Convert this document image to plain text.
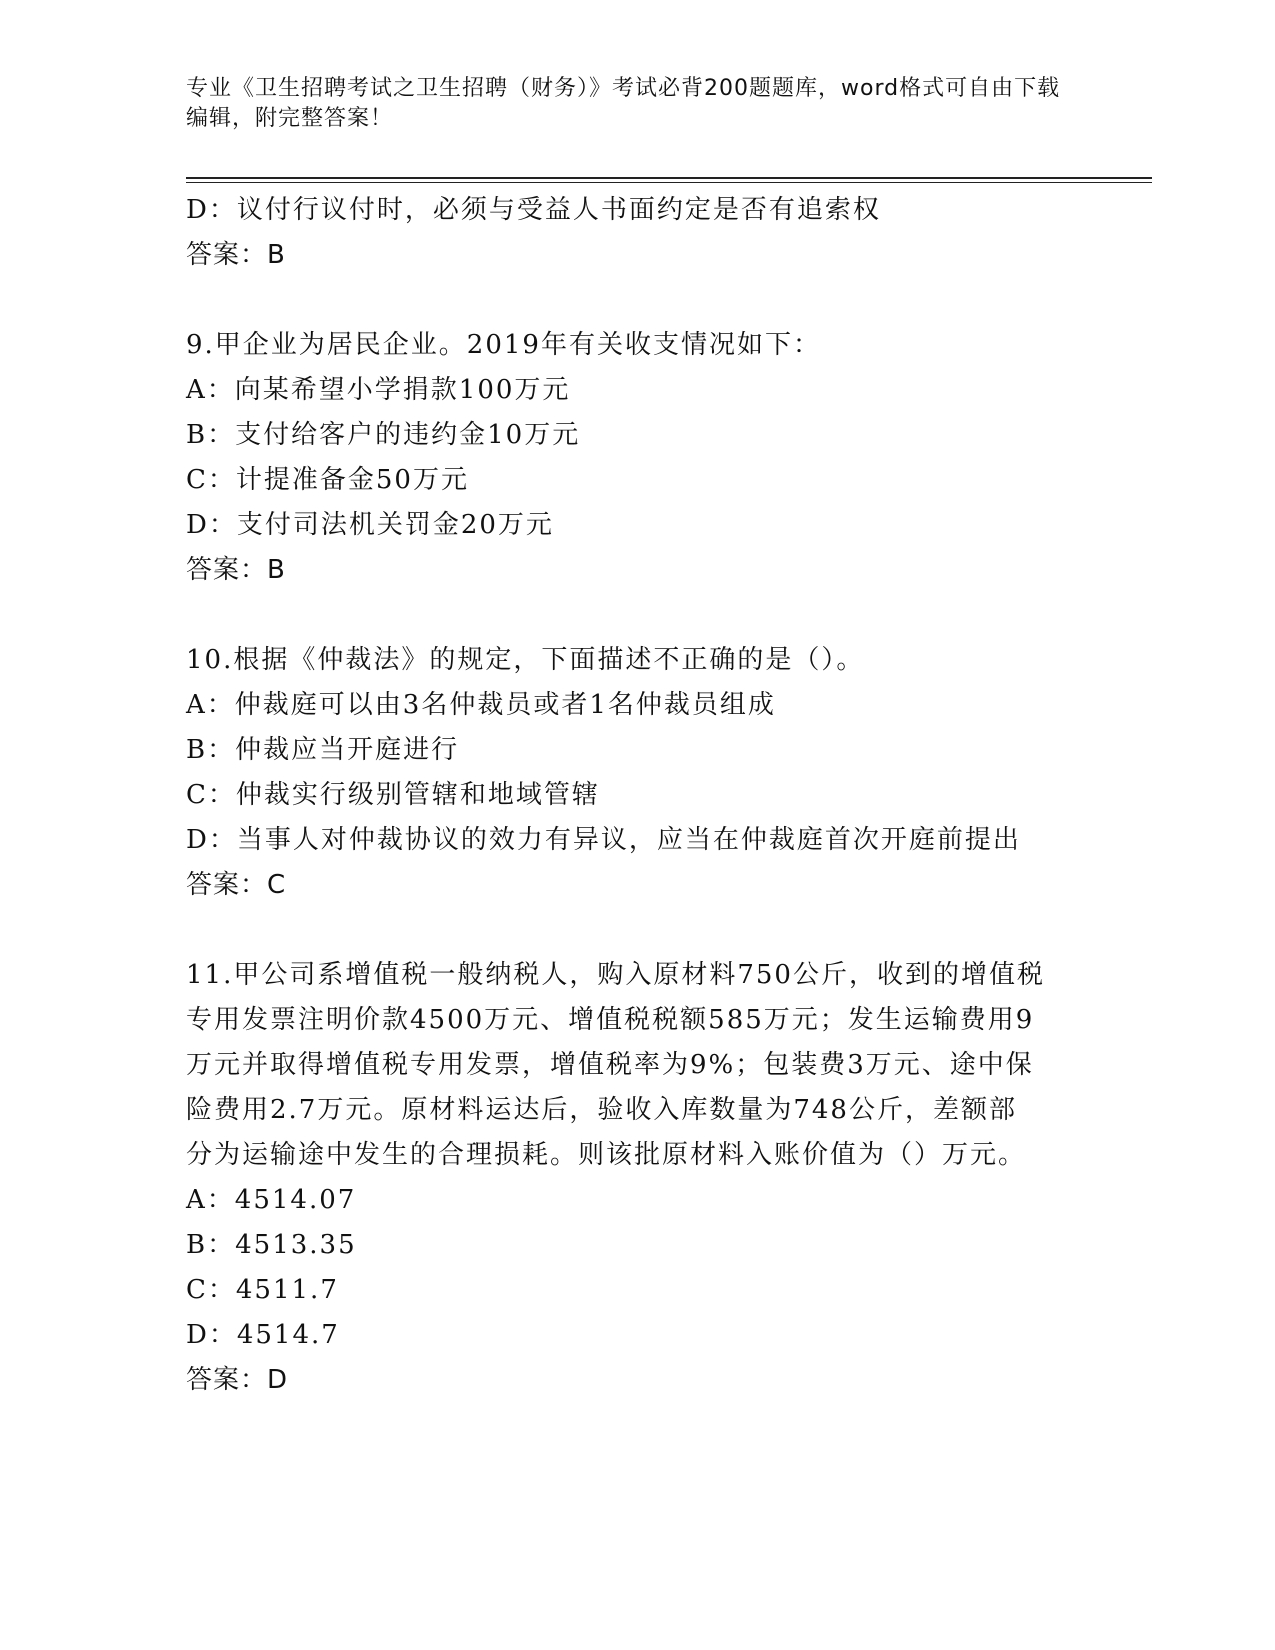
专业《卫生招聘考试之卫生招聘（财务）》考试必背200题题库，word格式可自由下载编辑，附完整答案！
D：议付行议付时，必须与受益人书面约定是否有追索权
答案：B
9.甲企业为居民企业。2019年有关收支情况如下：
A：向某希望小学捐款100万元
B：支付给客户的违约金10万元
C：计提准备金50万元
D：支付司法机关罚金20万元
答案：B
10.根据《仲裁法》的规定，下面描述不正确的是（）。
A：仲裁庭可以由3名仲裁员或者1名仲裁员组成
B：仲裁应当开庭进行
C：仲裁实行级别管辖和地域管辖
D：当事人对仲裁协议的效力有异议，应当在仲裁庭首次开庭前提出
答案：C
11.甲公司系增值税一般纳税人，购入原材料750公斤，收到的增值税
专用发票注明价款4500万元、增值税税额585万元；发生运输费用9
万元并取得增值税专用发票，增值税率为9%；包装费3万元、途中保
险费用2.7万元。原材料运达后，验收入库数量为748公斤，差额部
分为运输途中发生的合理损耗。则该批原材料入账价值为（）万元。
A：4514.07
B：4513.35
C：4511.7
D：4514.7
答案：D
